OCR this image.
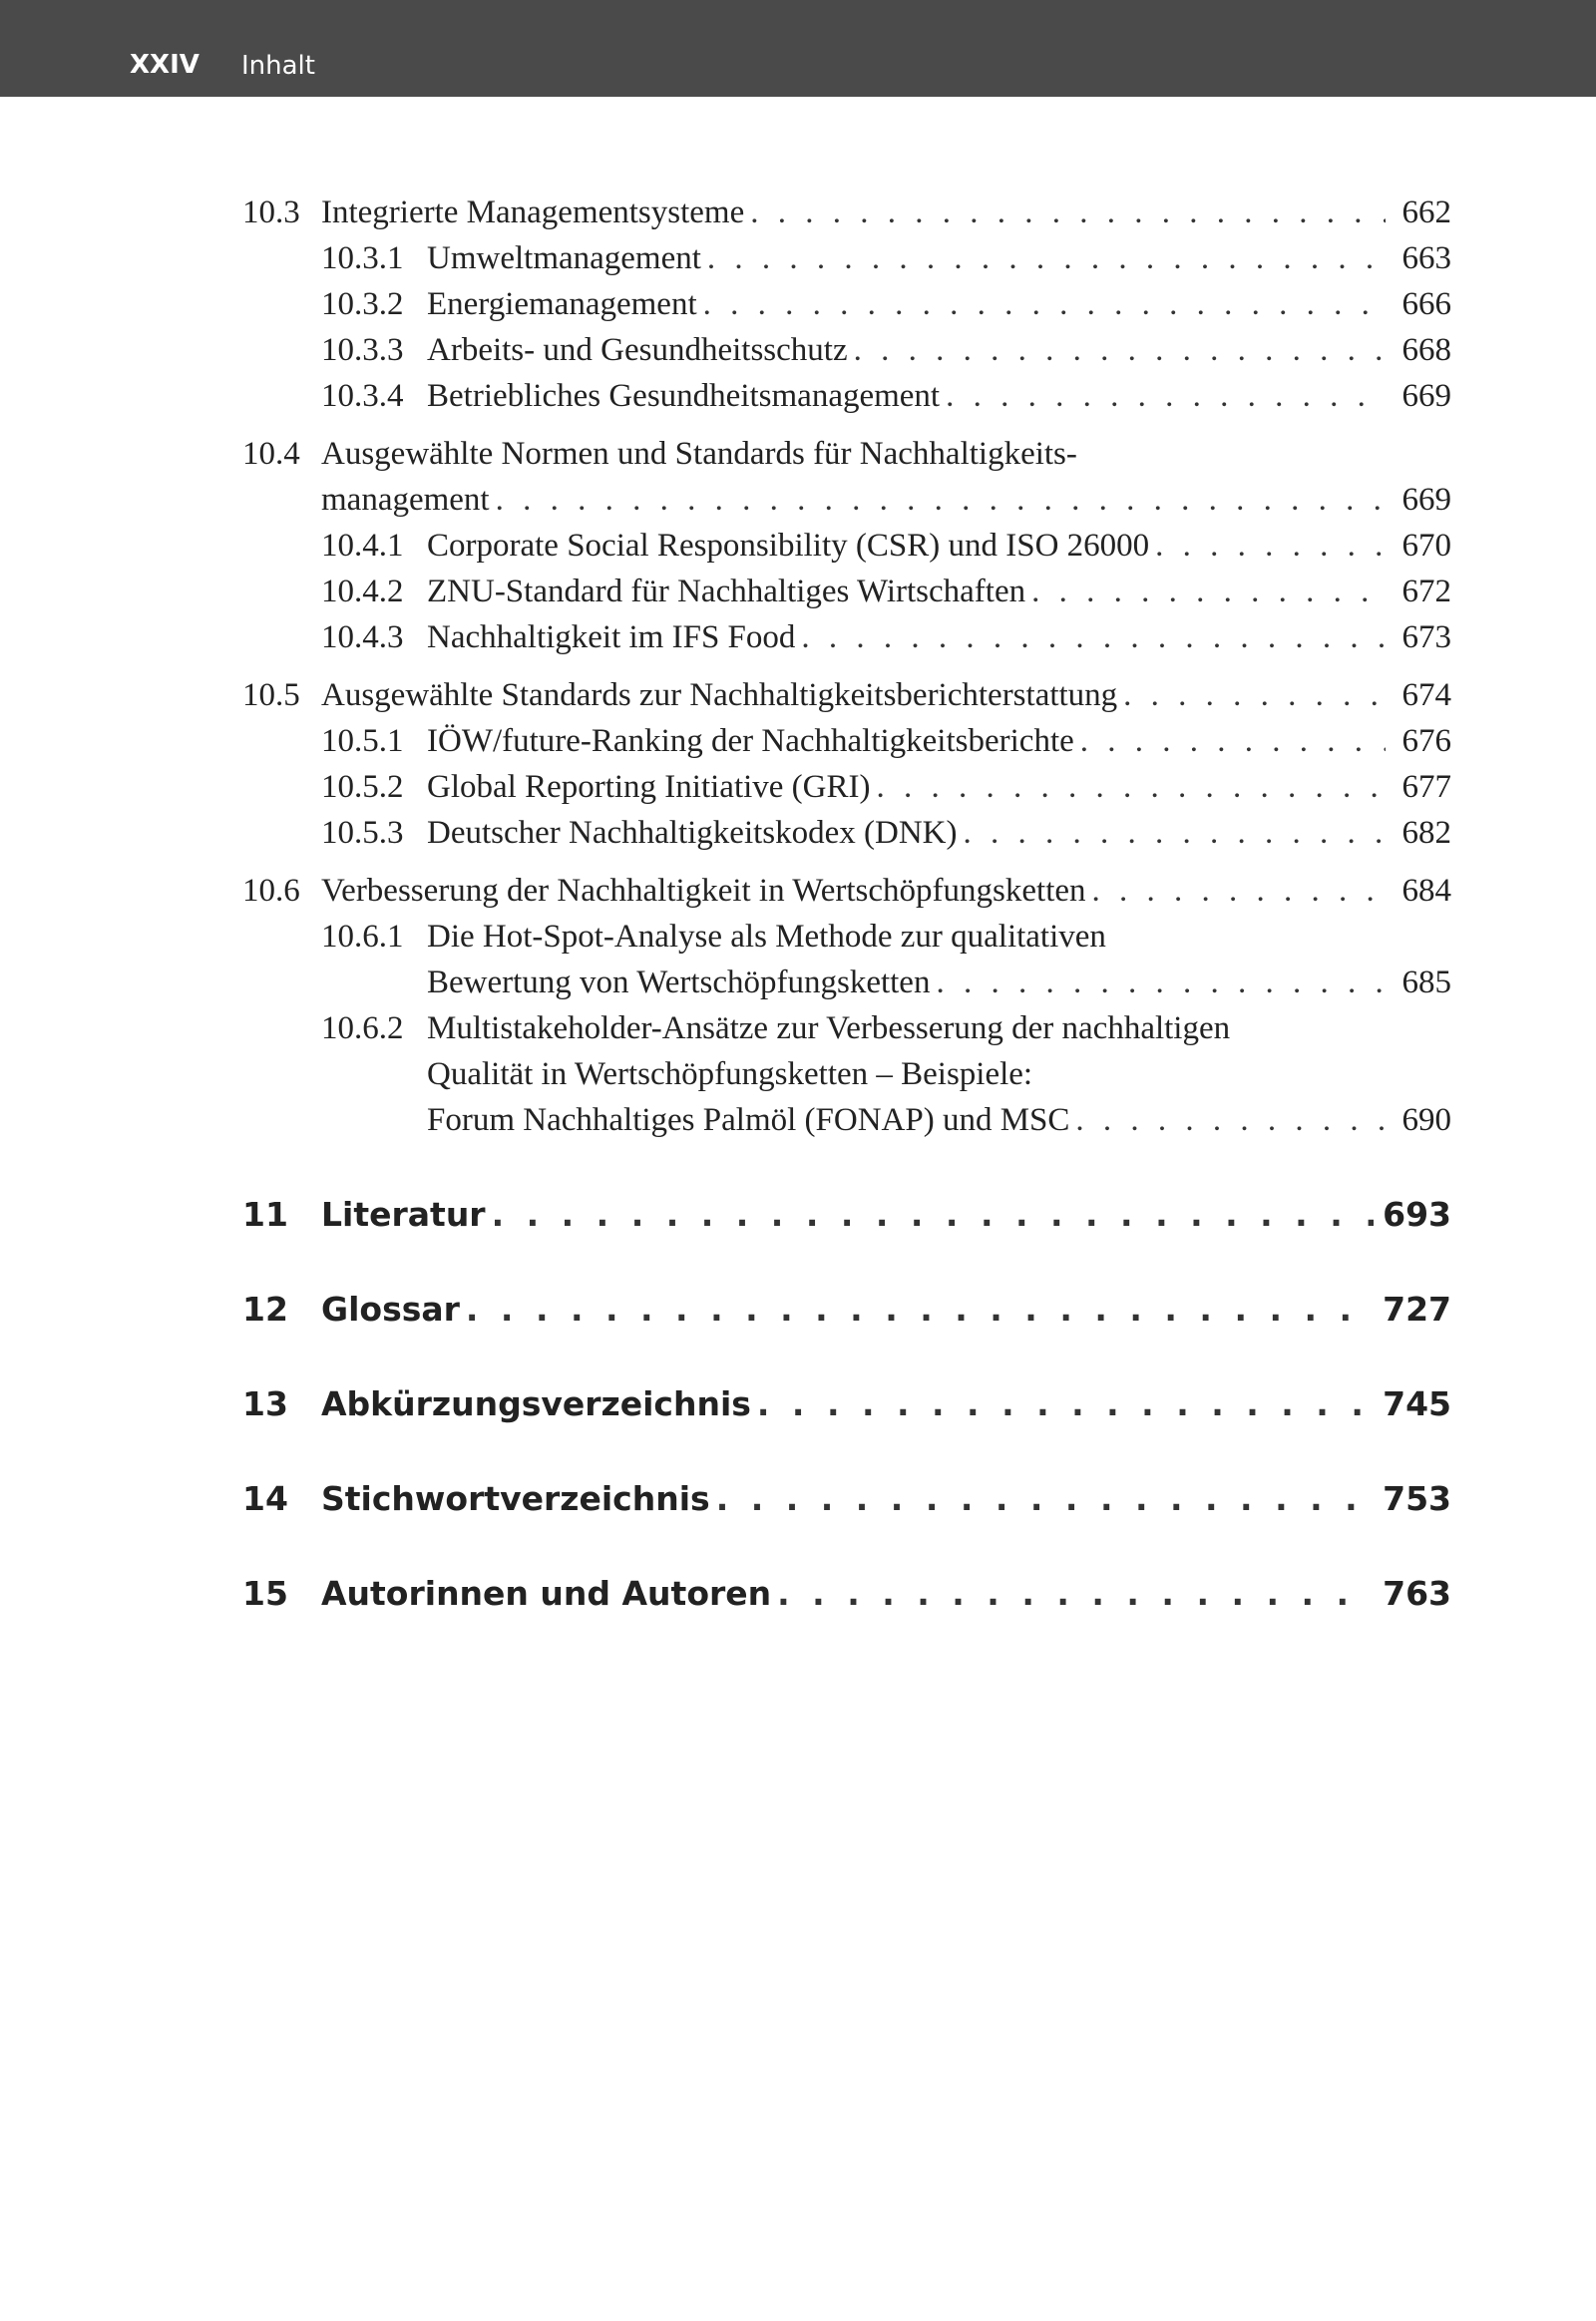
XXIV Inhalt
10.3 Integrierte Managementsysteme . . .	662
10.3.1 Umweltmanagement . . .	663
10.3.2 Energiemanagement . . .	666
10.3.3 Arbeits- und Gesundheitsschutz . . .	668
10.3.4 Betriebliches Gesundheitsmanagement . . .	669
10.4 Ausgewählte Normen und Standards für Nachhaltigkeits-
management . . .	669
10.4.1 Corporate Social Responsibility (CSR) und ISO 26000 . . .	670
10.4.2 ZNU-Standard für Nachhaltiges Wirtschaften . . .	672
10.4.3 Nachhaltigkeit im IFS Food . . .	673
10.5 Ausgewählte Standards zur Nachhaltigkeitsberichterstattung . . .	674
10.5.1 IÖW/future-Ranking der Nachhaltigkeitsberichte . . .	676
10.5.2 Global Reporting Initiative (GRI) . . .	677
10.5.3 Deutscher Nachhaltigkeitskodex (DNK) . . .	682
10.6 Verbesserung der Nachhaltigkeit in Wertschöpfungsketten . . .	684
10.6.1 Die Hot-Spot-Analyse als Methode zur qualitativen
Bewertung von Wertschöpfungsketten . . .	685
10.6.2 Multistakeholder-Ansätze zur Verbesserung der nachhaltigen
Qualität in Wertschöpfungsketten – Beispiele:
Forum Nachhaltiges Palmöl (FONAP) und MSC . . .	690
11	Literatur . . .	693
12	Glossar . . .	727
13	Abkürzungsverzeichnis . . .	745
14	Stichwortverzeichnis . . .	753
15	Autorinnen und Autoren . . .	763
